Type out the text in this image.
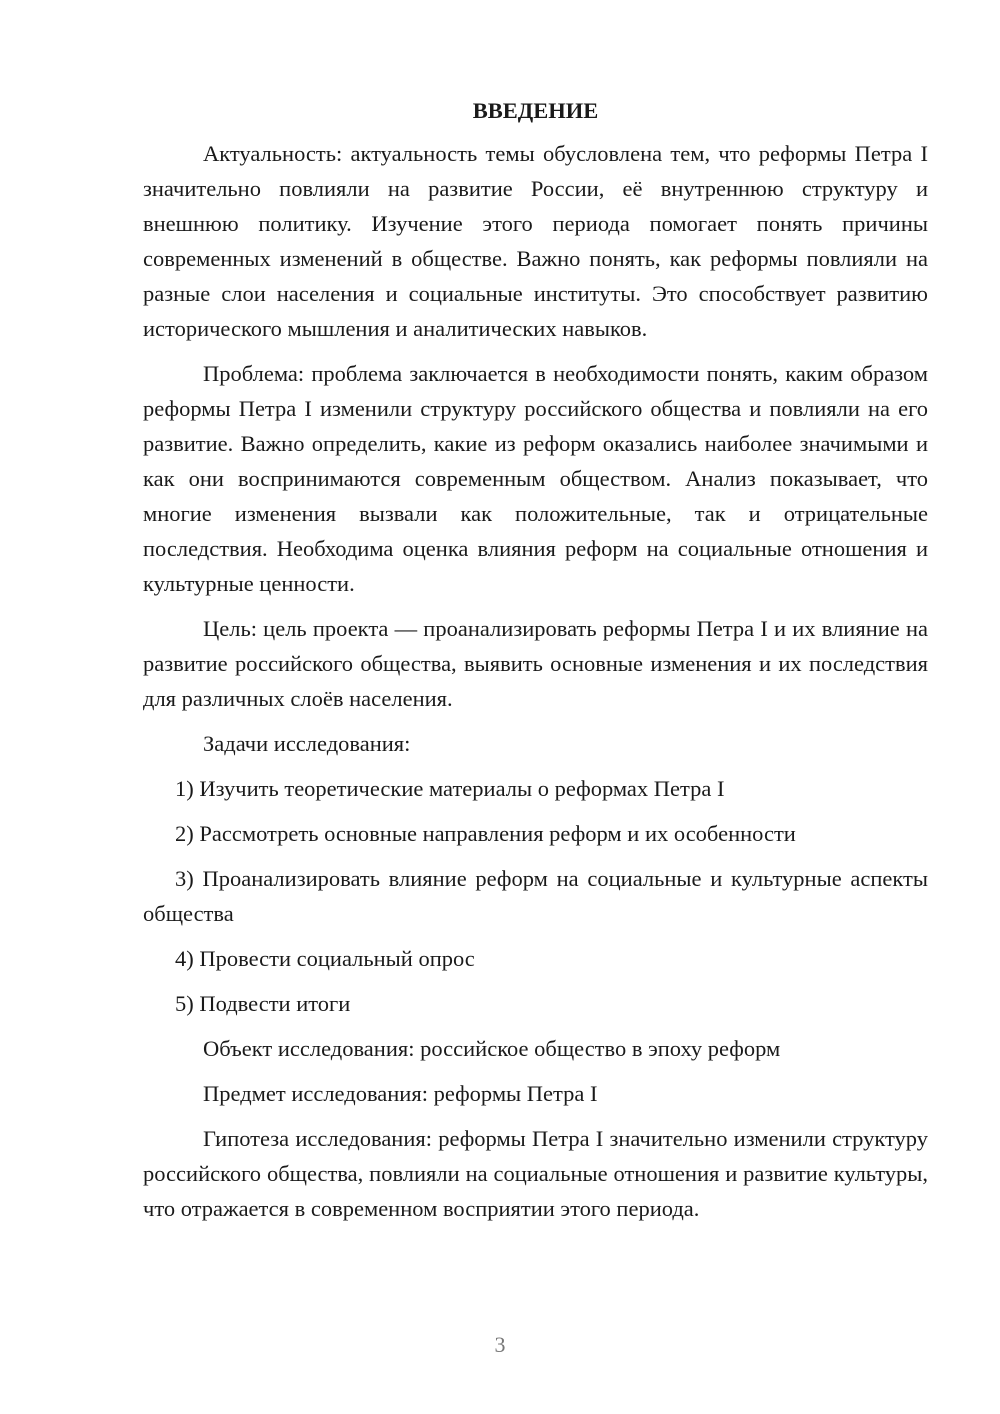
ВВЕДЕНИЕ

Актуальность: актуальность темы обусловлена тем, что реформы Петра I значительно повлияли на развитие России, её внутреннюю структуру и внешнюю политику. Изучение этого периода помогает понять причины современных изменений в обществе. Важно понять, как реформы повлияли на разные слои населения и социальные институты. Это способствует развитию исторического мышления и аналитических навыков.

Проблема: проблема заключается в необходимости понять, каким образом реформы Петра I изменили структуру российского общества и повлияли на его развитие. Важно определить, какие из реформ оказались наиболее значимыми и как они воспринимаются современным обществом. Анализ показывает, что многие изменения вызвали как положительные, так и отрицательные последствия. Необходима оценка влияния реформ на социальные отношения и культурные ценности.

Цель: цель проекта — проанализировать реформы Петра I и их влияние на развитие российского общества, выявить основные изменения и их последствия для различных слоёв населения.

Задачи исследования:

1) Изучить теоретические материалы о реформах Петра I

2) Рассмотреть основные направления реформ и их особенности

3) Проанализировать влияние реформ на социальные и культурные аспекты общества

4) Провести социальный опрос

5) Подвести итоги

Объект исследования: российское общество в эпоху реформ

Предмет исследования: реформы Петра I

Гипотеза исследования: реформы Петра I значительно изменили структуру российского общества, повлияли на социальные отношения и развитие культуры, что отражается в современном восприятии этого периода.

3
